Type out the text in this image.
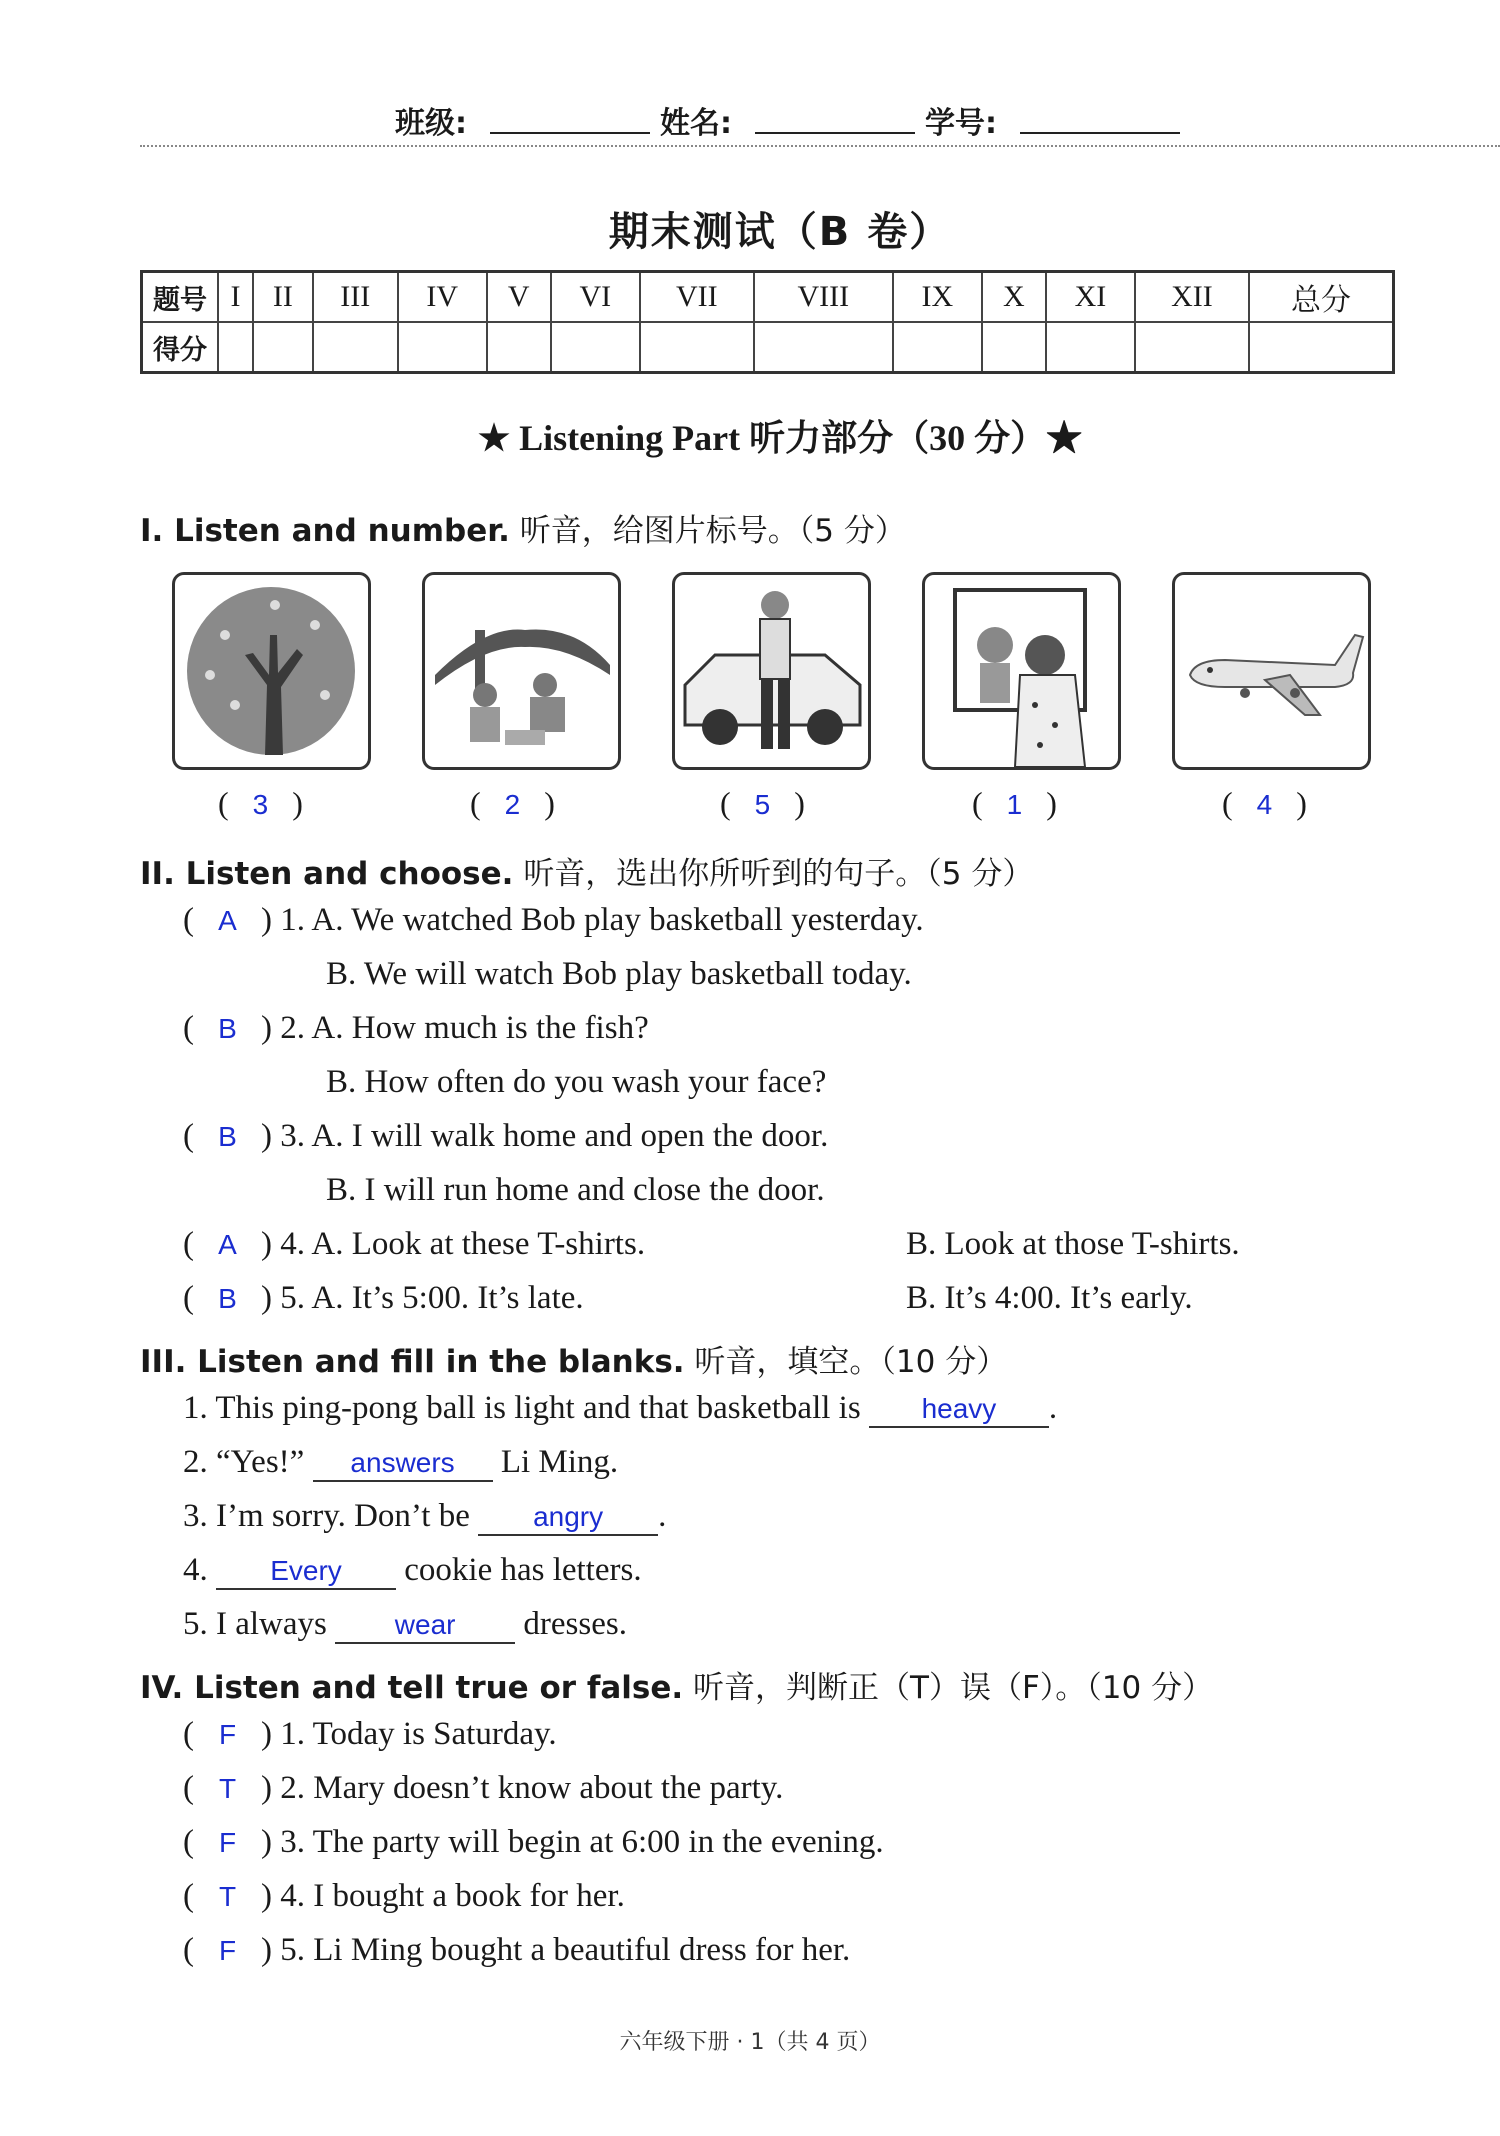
班级:	姓名:	学号:
期末测试（B 卷）
题号	I	II	III	IV	V	VI	VII	VIII	IX	X	XI	XII	总分
得分													
★ Listening Part 听力部分（30 分）★
I. Listen and number. 听音，给图片标号。（5 分）
(   3   )	(   2   )	(   5   )	(   1   )	(   4   )
II. Listen and choose. 听音，选出你所听到的句子。（5 分）
(  A  ) 1. A. We watched Bob play basketball yesterday.
B. We will watch Bob play basketball today.
(  B  ) 2. A. How much is the fish?
B. How often do you wash your face?
(  B  ) 3. A. I will walk home and open the door.
B. I will run home and close the door.
(  A  ) 4. A. Look at these T-shirts.	B. Look at those T-shirts.
(  B  ) 5. A. It’s 5:00. It’s late.	B. It’s 4:00. It’s early.
III. Listen and fill in the blanks. 听音，填空。（10 分）
1. This ping-pong ball is light and that basketball is heavy .
2. “Yes!” answers Li Ming.
3. I’m sorry. Don’t be angry .
4. Every cookie has letters.
5. I always wear dresses.
IV. Listen and tell true or false. 听音，判断正（T）误（F）。（10 分）
(  F  ) 1. Today is Saturday.
(  T  ) 2. Mary doesn’t know about the party.
(  F  ) 3. The party will begin at 6:00 in the evening.
(  T  ) 4. I bought a book for her.
(  F  ) 5. Li Ming bought a beautiful dress for her.
六年级下册 · 1（共 4 页）
